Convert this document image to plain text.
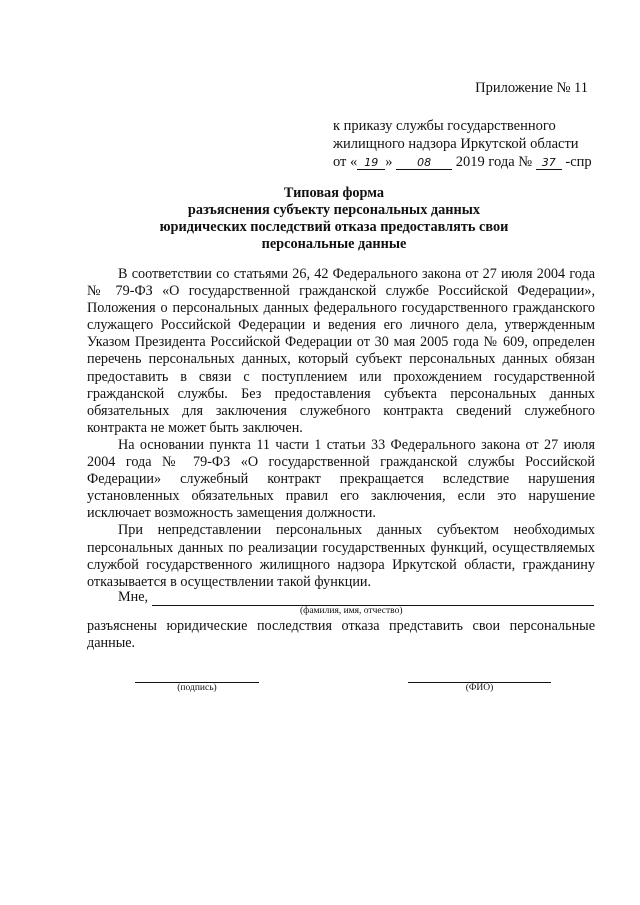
Приложение № 11
к приказу службы государственного
жилищного надзора Иркутской области
от « 19 » 08 2019 года № 37 -спр
Типовая форма
разъяснения субъекту персональных данных
юридических последствий отказа предоставлять свои персональные данные

В соответствии со статьями 26, 42 Федерального закона от 27 июля 2004 года № 79-ФЗ «О государственной гражданской службе Российской Федерации», Положения о персональных данных федерального государственного гражданского служащего Российской Федерации и ведения его личного дела, утвержденным Указом Президента Российской Федерации от 30 мая 2005 года № 609, определен перечень персональных данных, который субъект персональных данных обязан предоставить в связи с поступлением или прохождением государственной гражданской службы. Без предоставления субъекта персональных данных обязательных для заключения служебного контракта сведений служебного контракта не может быть заключен.

На основании пункта 11 части 1 статьи 33 Федерального закона от 27 июля 2004 года № 79-ФЗ «О государственной гражданской службы Российской Федерации» служебный контракт прекращается вследствие нарушения установленных обязательных правил его заключения, если это нарушение исключает возможность замещения должности.

При непредставлении персональных данных субъектом необходимых персональных данных по реализации государственных функций, осуществляемых службой государственного жилищного надзора Иркутской области, гражданину отказывается в осуществлении такой функции.

Мне,
(фамилия, имя, отчество)
разъяснены юридические последствия отказа представить свои персональные данные.
(подпись)	(ФИО)
